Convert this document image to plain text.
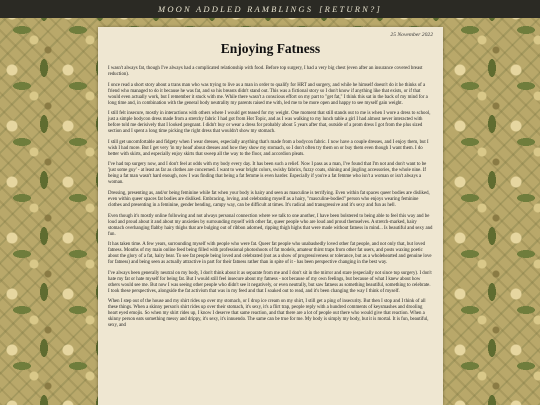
MOON ADDLED RAMBLINGS [RETURN?]
25 November 2022
Enjoying Fatness

I wasn't always fat, though I've always had a complicated relationship with food. Before top surgery, I had a very big chest (even after an insurance covered breast reduction).

I once read a short story about a trans man who was trying to live as a man in order to qualify for HRT and surgery, and while he himself doesn't do it he thinks of a friend who managed to do it because he was fat, and so his breasts didn't stand out. This was a fictional story so I don't know if anything like that exists, or if that would even actually work, but I remember it stuck with me. While there wasn't a conscious effort on my part to "get fat," I think this sat in the back of my mind for a long time and, in combination with the general body neutrality my parents raised me with, led me to be more open and happy to see myself gain weight.

I still felt insecure, mostly in interactions with others where I would get teased for my weight. One moment that still stands out to me is when I wore a dress to school, just a simple bodycon dress made from a stretchy fabric I had got from Hot Topic, and as I was walking to my lunch table a girl I had almost never interacted with before told me derisively that I looked pregnant. I didn't buy or wear a dress for probably about 5 years after that, outside of a prom dress I got from the plus sized section and I spent a long time picking the right dress that wouldn't show my stomach.

I still get uncomfortable and fidgety when I wear dresses, especially anything that's made from a bodycon fabric. I now have a couple dresses, and I enjoy them, but I wish I had more. But I get very 'in my head' about dresses and how they show my stomach, so I don't often try them on or buy them even though I want them. I do better with skirts, and especially enjoy skirts that sweep all the way to the floor, and accordion pleats.

I've had top surgery now, and I don't feel at odds with my body every day. It has been such a relief. Now I pass as a man, I've found that I'm not and don't want to be 'just some guy' - at least as far as clothes are concerned. I want to wear bright colors, swishy fabrics, fuzzy coats, shining and jingling accessories, the whole nine. If being a fat man wasn't hard enough, now I was finding that being a fat femme is even harder. Especially if you're a fat femme who isn't a woman or isn't always a woman.

Dressing, presenting as, and/or being feminine while fat when your body is hairy and seen as masculine is terrifying. Even within fat spaces queer bodies are disliked, even within queer spaces fat bodies are disliked. Embracing, loving, and celebrating myself as a hairy, "masculine-bodied" person who enjoys wearing feminine clothes and presenting in a feminine, gender bending, campy way, can be difficult at times. It's radical and transgressive and it's sexy and fun as hell.

Even though it's mostly online following and not always personal connection where we talk to one another, I have been bolstered to being able to feel this way and be loud and proud about it and about my anxieties by surrounding myself with other fat, queer people who are loud and proud themselves. A stretch-marked, hairy stomach overhanging flabby hairy thighs that are bulging out of ribbon adorned, ripping thigh highs that were made without fatness in mind... Is beautiful and sexy and fun.

It has taken time. A few years, surrounding myself with people who were fat. Queer fat people who unabashedly loved other fat people, and not only that, but loved fatness. Months of my main online feed being filled with professional photoshoots of fat models, amateur thirst traps from other fat users, and posts waxing poetic about the glory of a fat, hairy bear. To see fat people being loved and celebrated (not as a show of progressiveness or tolerance, but as a wholehearted and genuine love for fatness) and being seen as actually attractive in part for their fatness rather than in spite of it - has been perspective changing in the best way.

I've always been generally neutral on my body, I don't think about it as separate from me and I don't sit in the mirror and stare (especially not since top surgery). I don't hate my fat or hate myself for being fat. But I would still feel insecure about my fatness - not because of my own feelings, but because of what I knew about how others would see me. But now I was seeing other people who didn't see it negatively, or even neutrally, but saw fatness as something beautiful, something to celebrate. I took these perspectives, alongside the fat activism that was in my feed and that I soaked out to read, and it's been changing the way I think of myself.

When I step out of the house and my shirt rides up over my stomach, or I drop ice cream on my shirt, I still get a ping of insecurity. But then I stop and I think of all these things. When a skinny person's shirt rides up over their stomach, it's sexy, it's a flirt trap, people reply with a hundred comments of keysmashes and drooling heart eyed emojis. So when my shirt rides up, I know I deserve that same reaction, and that there are a lot of people out there who would give that reaction. When a skinny person eats something messy and drippy, it's sexy, it's innuendo. The same can be true for me. My body is simply my body, but it is mortal. It is fun, beautiful, sexy, and
